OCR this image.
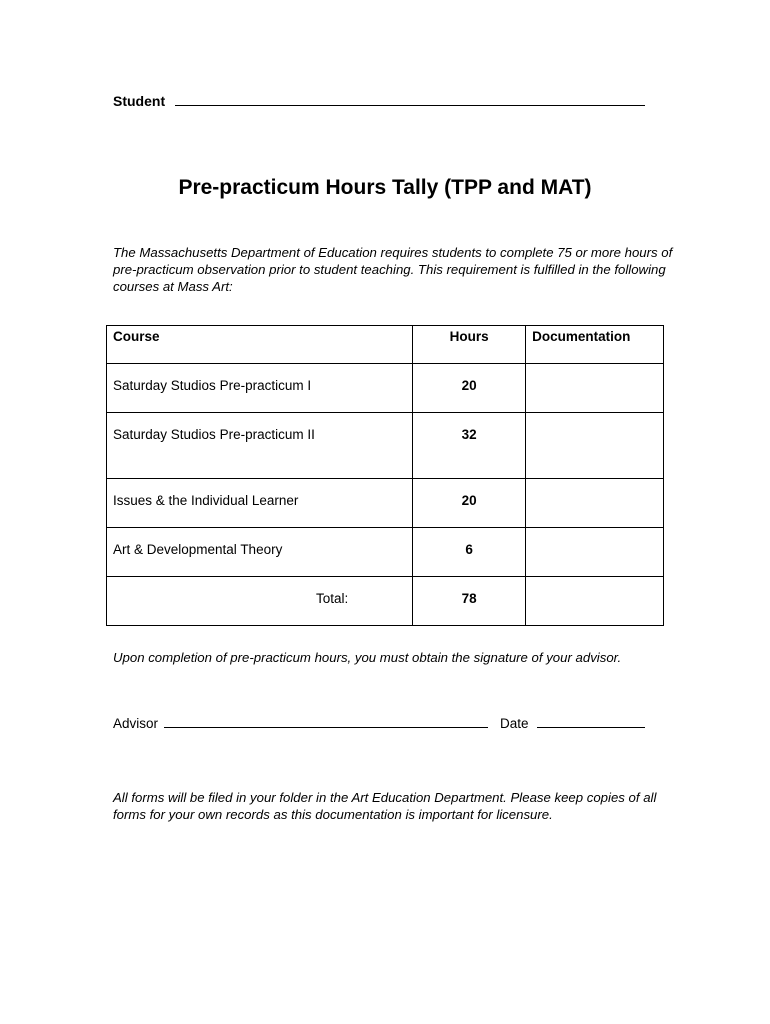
Student
Pre-practicum Hours Tally (TPP and MAT)
The Massachusetts Department of Education requires students to complete 75 or more hours of pre-practicum observation prior to student teaching. This requirement is fulfilled in the following courses at Mass Art:
Course	Hours	Documentation
Saturday Studios Pre-practicum I	20	
Saturday Studios Pre-practicum II	32	
Issues & the Individual Learner	20	
Art & Developmental Theory	6	
Total:	78	
Upon completion of pre-practicum hours, you must obtain the signature of your advisor.
Advisor	Date
All forms will be filed in your folder in the Art Education Department. Please keep copies of all forms for your own records as this documentation is important for licensure.
